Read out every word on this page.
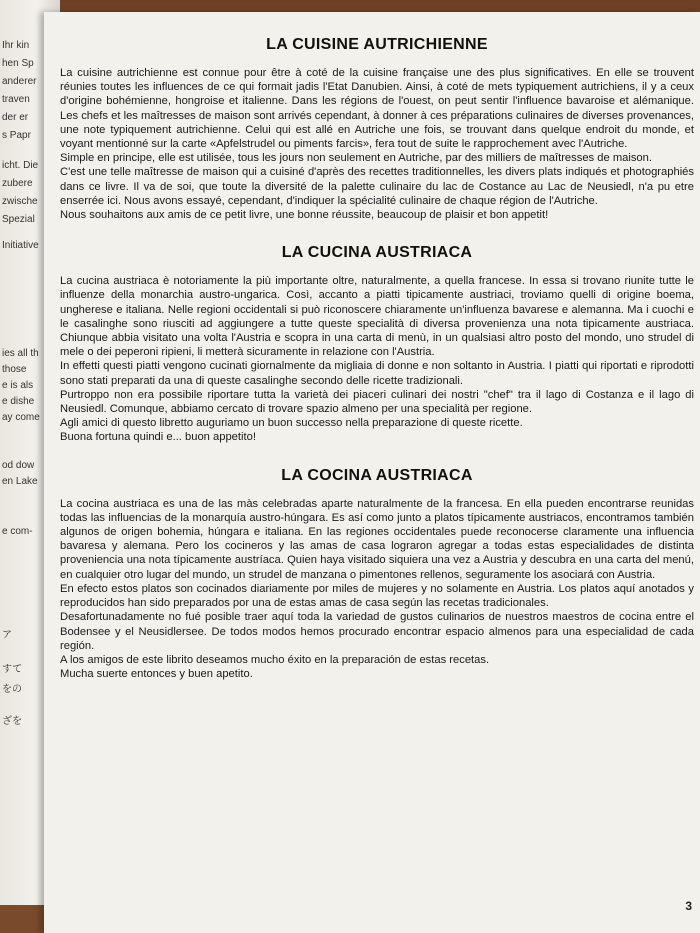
Ihr kin
hen Sp
anderer
traven
der er
s Papr
icht. Die
zubere
zwische
Spezial
Initiative
ies all th
those
e is als
e dishe
ay come
od dow
en Lake
e com-
ア
すて
をの
ざを
LA CUISINE AUTRICHIENNE

La cuisine autrichienne est connue pour être à coté de la cuisine française une des plus significatives. En elle se trouvent réunies toutes les influences de ce qui formait jadis l'Etat Danubien. Ainsi, à coté de mets typiquement autrichiens, il y a ceux d'origine bohémienne, hongroise et italienne. Dans les régions de l'ouest, on peut sentir l'influence bavaroise et alémanique. Les chefs et les maîtresses de maison sont arrivés cependant, à donner à ces préparations culinaires de diverses provenances, une note typiquement autrichienne. Celui qui est allé en Autriche une fois, se trouvant dans quelque endroit du monde, et voyant mentionné sur la carte «Apfelstrudel ou piments farcis», fera tout de suite le rapprochement avec l'Autriche.

Simple en principe, elle est utilisée, tous les jours non seulement en Autriche, par des milliers de maîtresses de maison.

C'est une telle maîtresse de maison qui a cuisiné d'après des recettes traditionnelles, les divers plats indiqués et photographiés dans ce livre. Il va de soi, que toute la diversité de la palette culinaire du lac de Costance au Lac de Neusiedl, n'a pu etre enserrée ici. Nous avons essayé, cependant, d'indiquer la spécialité culinaire de chaque région de l'Autriche.

Nous souhaitons aux amis de ce petit livre, une bonne réussite, beaucoup de plaisir et bon appetit!

LA CUCINA AUSTRIACA

La cucina austriaca è notoriamente la più importante oltre, naturalmente, a quella francese. In essa si trovano riunite tutte le influenze della monarchia austro-ungarica. Così, accanto a piatti tipicamente austriaci, troviamo quelli di origine boema, ungherese e italiana. Nelle regioni occidentali si può riconoscere chiaramente un'influenza bavarese e alemanna. Ma i cuochi e le casalinghe sono riusciti ad aggiungere a tutte queste specialità di diversa provenienza una nota tipicamente austriaca. Chiunque abbia visitato una volta l'Austria e scopra in una carta di menù, in un qualsiasi altro posto del mondo, uno strudel di mele o dei peperoni ripieni, li metterà sicuramente in relazione con l'Austria.

In effetti questi piatti vengono cucinati giornalmente da migliaia di donne e non soltanto in Austria. I piatti qui riportati e riprodotti sono stati preparati da una di queste casalinghe secondo delle ricette tradizionali.

Purtroppo non era possibile riportare tutta la varietà dei piaceri culinari dei nostri "chef" tra il lago di Costanza e il lago di Neusiedl. Comunque, abbiamo cercato di trovare spazio almeno per una specialità per regione.

Agli amici di questo libretto auguriamo un buon successo nella preparazione di queste ricette.

Buona fortuna quindi e... buon appetito!

LA COCINA AUSTRIACA

La cocina austriaca es una de las màs celebradas aparte naturalmente de la francesa. En ella pueden encontrarse reunidas todas las influencias de la monarquía austro-húngara. Es así como junto a platos típicamente austriacos, encontramos también algunos de origen bohemia, húngara e italiana. En las regiones occidentales puede reconocerse claramente una influencia bavaresa y alemana. Pero los cocineros y las amas de casa lograron agregar a todas estas especialidades de distinta proveniencia una nota típicamente austríaca. Quien haya visitado siquiera una vez a Austria y descubra en una carta del menú, en cualquier otro lugar del mundo, un strudel de manzana o pimentones rellenos, seguramente los asociará con Austria.

En efecto estos platos son cocinados diariamente por miles de mujeres y no solamente en Austria. Los platos aquí anotados y reproducidos han sido preparados por una de estas amas de casa según las recetas tradicionales.

Desafortunadamente no fué posible traer aquí toda la variedad de gustos culinarios de nuestros maestros de cocina entre el Bodensee y el Neusidlersee. De todos modos hemos procurado encontrar espacio almenos para una especialidad de cada región.

A los amigos de este librito deseamos mucho éxito en la preparación de estas recetas.

Mucha suerte entonces y buen apetito.

3
